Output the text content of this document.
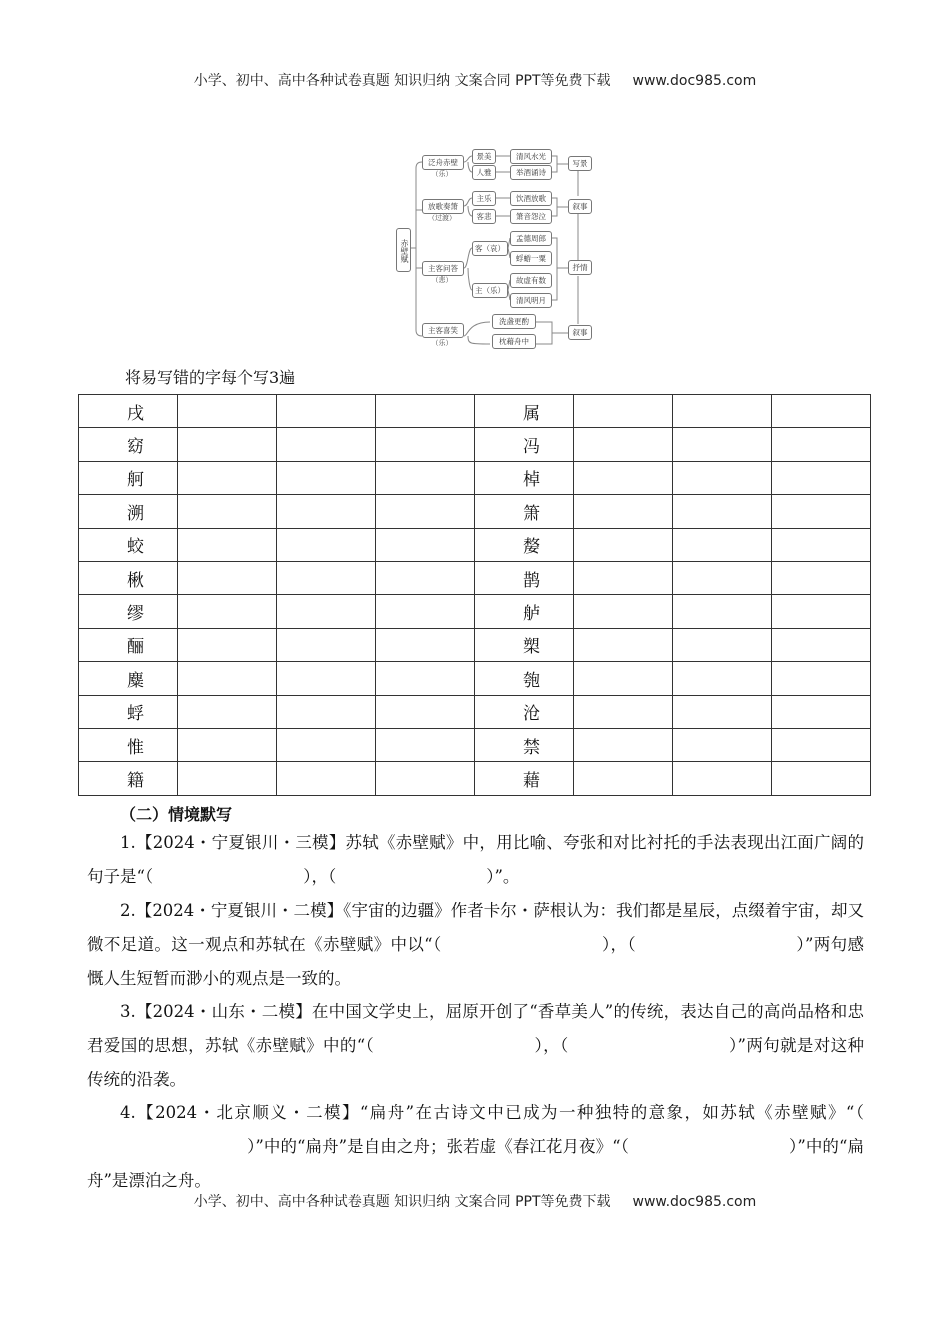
小学、初中、高中各种试卷真题 知识归纳 文案合同 PPT等免费下载 www.doc985.com
赤壁赋
泛舟赤壁
（乐）
景美
人雅
清风水光
举酒诵诗
写景
放歌奏箫
（过渡）
主乐
客悲
饮酒放歌
箫音怨泣
叙事
主客问答
（悲）
客（哀）
主（乐）
孟德周郎
蜉蝣一粟
故虚有数
清风明月
抒情
主客喜笑
（乐）
洗盏更酌
枕藉舟中
叙事
将易写错的字每个写3遍
戌				属			
窈				冯			
舸				棹			
溯				箫			
蛟				嫠			
楸				鹊			
缪				舻			
酾				槊			
麋				匏			
蜉				沧			
惟				禁			
籍				藉			
（二）情境默写
1.【2024・宁夏银川・三模】苏轼《赤壁赋》中，用比喻、夸张和对比衬托的手法表现出江面广阔的句子是“（	），（	）”。
2.【2024・宁夏银川・二模】《宇宙的边疆》作者卡尔・萨根认为：我们都是星辰，点缀着宇宙，却又微不足道。这一观点和苏轼在《赤壁赋》中以“（	），（	）”两句感慨人生短暂而渺小的观点是一致的。
3.【2024・山东・二模】在中国文学史上，屈原开创了“香草美人”的传统，表达自己的高尚品格和忠君爱国的思想，苏轼《赤壁赋》中的“（	），（	）”两句就是对这种传统的沿袭。
4.【2024・北京顺义・二模】“扁舟”在古诗文中已成为一种独特的意象，如苏轼《赤壁赋》“（）”中的“扁舟”是自由之舟；张若虚《春江花月夜》“（	）”中的“扁舟”是漂泊之舟。
小学、初中、高中各种试卷真题 知识归纳 文案合同 PPT等免费下载 www.doc985.com
